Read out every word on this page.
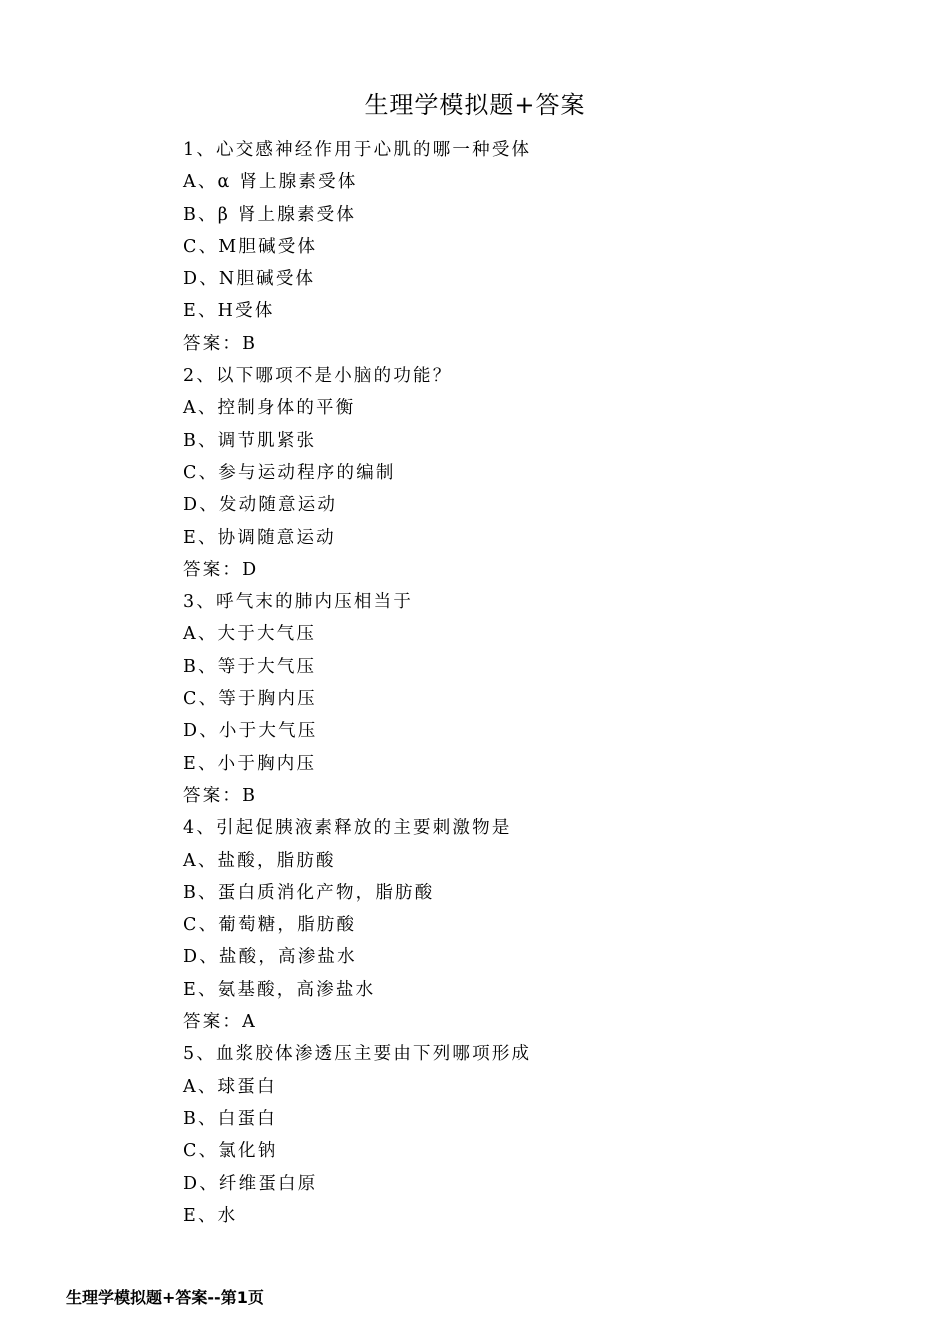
生理学模拟题+答案
1、心交感神经作用于心肌的哪一种受体
A、α 肾上腺素受体
B、β 肾上腺素受体
C、M胆碱受体
D、N胆碱受体
E、H受体
答案：B
2、以下哪项不是小脑的功能？
A、控制身体的平衡
B、调节肌紧张
C、参与运动程序的编制
D、发动随意运动
E、协调随意运动
答案：D
3、呼气末的肺内压相当于
A、大于大气压
B、等于大气压
C、等于胸内压
D、小于大气压
E、小于胸内压
答案：B
4、引起促胰液素释放的主要刺激物是
A、盐酸，脂肪酸
B、蛋白质消化产物，脂肪酸
C、葡萄糖，脂肪酸
D、盐酸，高渗盐水
E、氨基酸，高渗盐水
答案：A
5、血浆胶体渗透压主要由下列哪项形成
A、球蛋白
B、白蛋白
C、氯化钠
D、纤维蛋白原
E、水
生理学模拟题+答案--第1页
